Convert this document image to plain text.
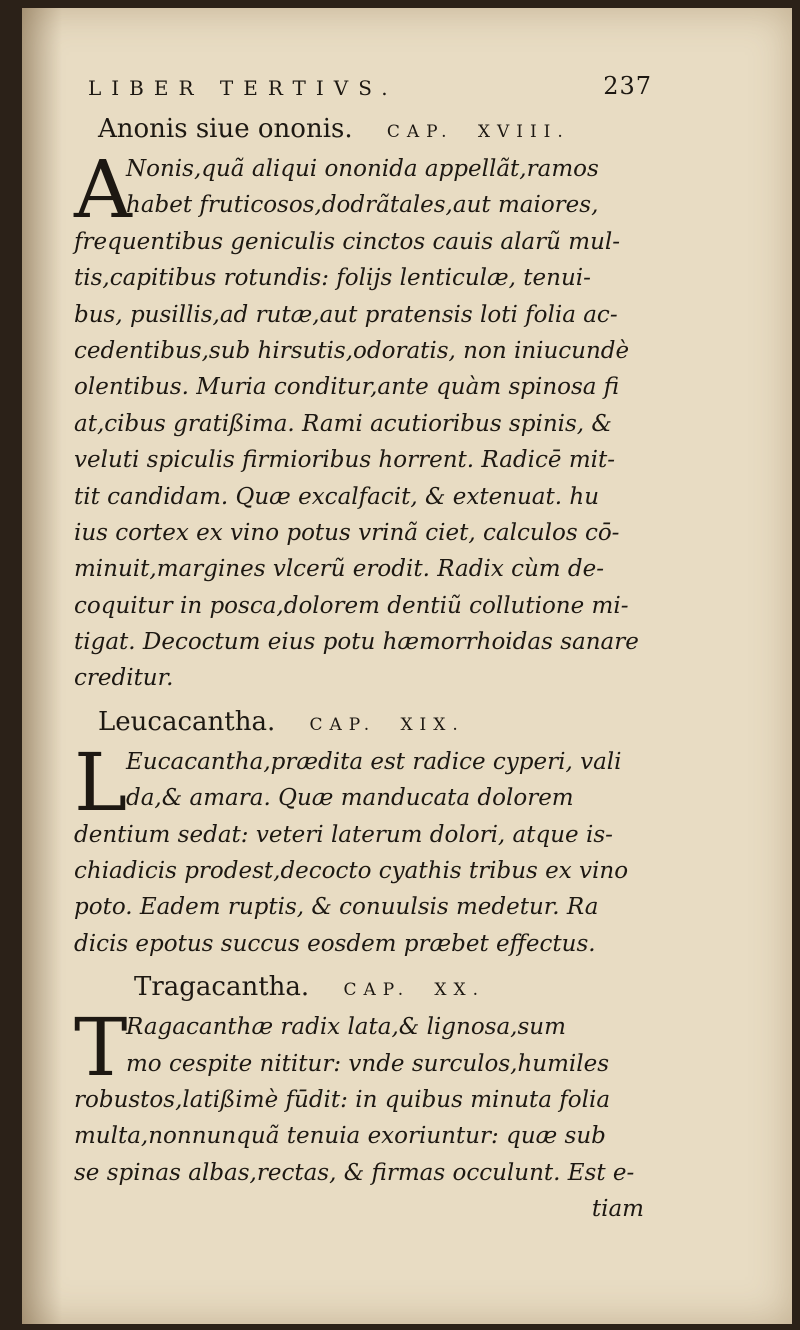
LIBER TERTIVS.	237
Anonis siue ononis. CAP. XVIII.
A
Nonis,quã aliqui ononida appellãt,ramos
habet fruticosos,dodrãtales,aut maiores,
frequentibus geniculis cinctos cauis alarũ mul-
tis,capitibus rotundis: folijs lenticulæ, tenui-
bus, pusillis,ad rutæ,aut pratensis loti folia ac-
cedentibus,sub hirsutis,odoratis, non iniucundè
olentibus. Muria conditur,ante quàm spinosa fi
at,cibus gratißima. Rami acutioribus spinis, &
veluti spiculis firmioribus horrent. Radicē mit-
tit candidam. Quæ excalfacit, & extenuat. hu
ius cortex ex vino potus vrinã ciet, calculos cō-
minuit,margines vlcerũ erodit. Radix cùm de-
coquitur in posca,dolorem dentiũ collutione mi-
tigat. Decoctum eius potu hæmorrhoidas sanare
creditur.
Leucacantha. CAP. XIX.
L
Eucacantha,prædita est radice cyperi, vali
da,& amara. Quæ manducata dolorem
dentium sedat: veteri laterum dolori, atque is-
chiadicis prodest,decocto cyathis tribus ex vino
poto. Eadem ruptis, & conuulsis medetur. Ra
dicis epotus succus eosdem præbet effectus.
Tragacantha. CAP. XX.
T
Ragacanthæ radix lata,& lignosa,sum
mo cespite nititur: vnde surculos,humiles
robustos,latißimè fūdit: in quibus minuta folia
multa,nonnunquã tenuia exoriuntur: quæ sub
se spinas albas,rectas, & firmas occulunt. Est e-
tiam
